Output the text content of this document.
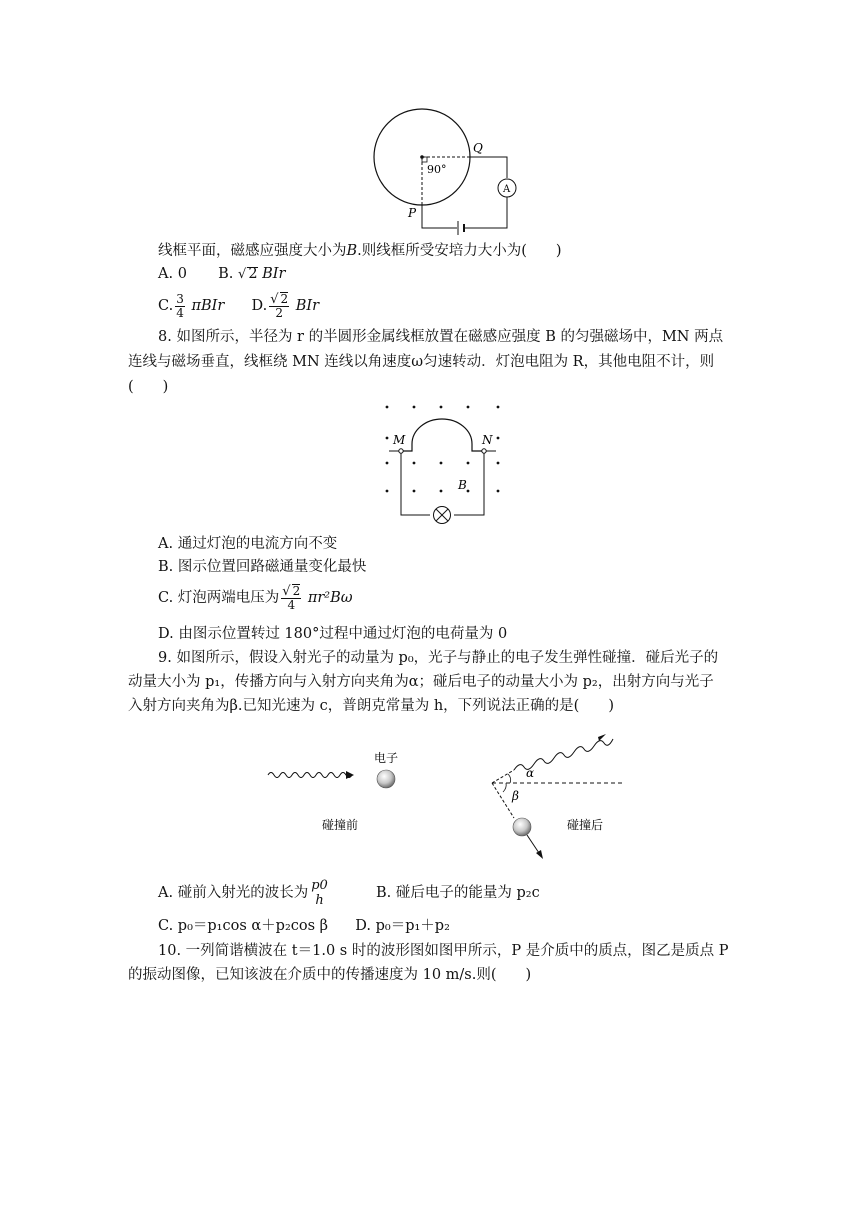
90°
Q
P
A
线框平面，磁感应强度大小为B.则线框所受安培力大小为(　　)
A. 0 B. √ 2 BIr
C. $\frac{3}{4}$ πBIr D. $\frac{√ 2}{2}$ BIr
8. 如图所示，半径为 r 的半圆形金属线框放置在磁感应强度 B 的匀强磁场中，MN 两点
连线与磁场垂直，线框绕 MN 连线以角速度ω匀速转动．灯泡电阻为 R，其他电阻不计，则
(　　)
M	N
B
A. 通过灯泡的电流方向不变
B. 图示位置回路磁通量变化最快
C. 灯泡两端电压为 $\frac{√ 2}{4} \pi r^2B\omega$
D. 由图示位置转过 180°过程中通过灯泡的电荷量为 0
9. 如图所示，假设入射光子的动量为 p₀，光子与静止的电子发生弹性碰撞．碰后光子的
动量大小为 p₁，传播方向与入射方向夹角为α；碰后电子的动量大小为 p₂，出射方向与光子
入射方向夹角为β.已知光速为 c，普朗克常量为 h，下列说法正确的是(　　)
电子
碰撞前
α
β
碰撞后
A. 碰前入射光的波长为 p0
h	B. 碰后电子的能量为 p₂c
C. p₀＝p₁cos α＋p₂cos β D. p₀＝p₁＋p₂
10. 一列简谐横波在 t＝1.0 s 时的波形图如图甲所示，P 是介质中的质点，图乙是质点 P
的振动图像，已知该波在介质中的传播速度为 10 m/s.则(　　)
